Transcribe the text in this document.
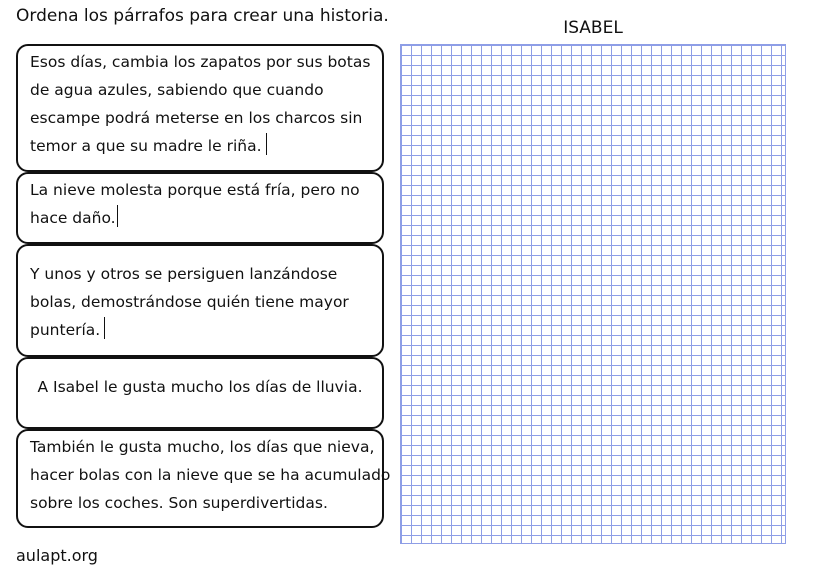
Ordena los párrafos para crear una historia.
ISABEL
Esos días, cambia los zapatos por sus botas
de agua azules, sabiendo que cuando
escampe podrá meterse en los charcos sin
temor a que su madre le riña.
La nieve molesta porque está fría, pero no
hace daño.
Y unos y otros se persiguen lanzándose
bolas, demostrándose quién tiene mayor
puntería.
A Isabel le gusta mucho los días de lluvia.
También le gusta mucho, los días que nieva,
hacer bolas con la nieve que se ha acumulado
sobre los coches. Son superdivertidas.
aulapt.org
